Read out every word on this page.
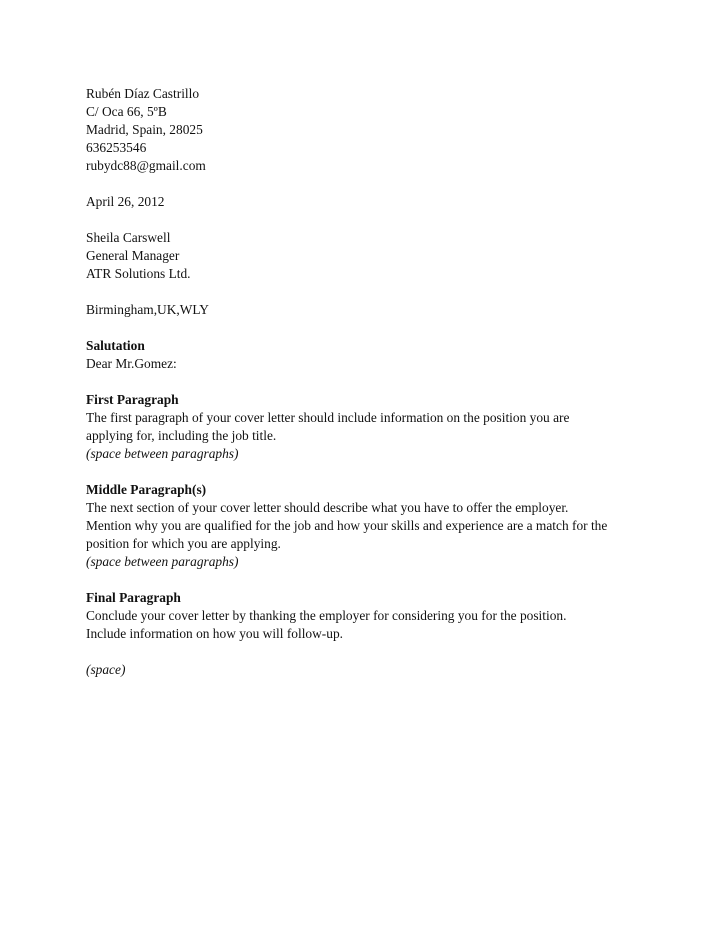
Rubén Díaz Castrillo
C/ Oca 66, 5ºB
Madrid, Spain, 28025
636253546
rubydc88@gmail.com
April 26, 2012
Sheila Carswell
General Manager
ATR Solutions Ltd.
Birmingham,UK,WLY
Salutation
Dear Mr.Gomez:
First Paragraph
The first paragraph of your cover letter should include information on the position you are
applying for, including the job title.
(space between paragraphs)
Middle Paragraph(s)
The next section of your cover letter should describe what you have to offer the employer.
Mention why you are qualified for the job and how your skills and experience are a match for the
position for which you are applying.
(space between paragraphs)
Final Paragraph
Conclude your cover letter by thanking the employer for considering you for the position.
Include information on how you will follow-up.
(space)
